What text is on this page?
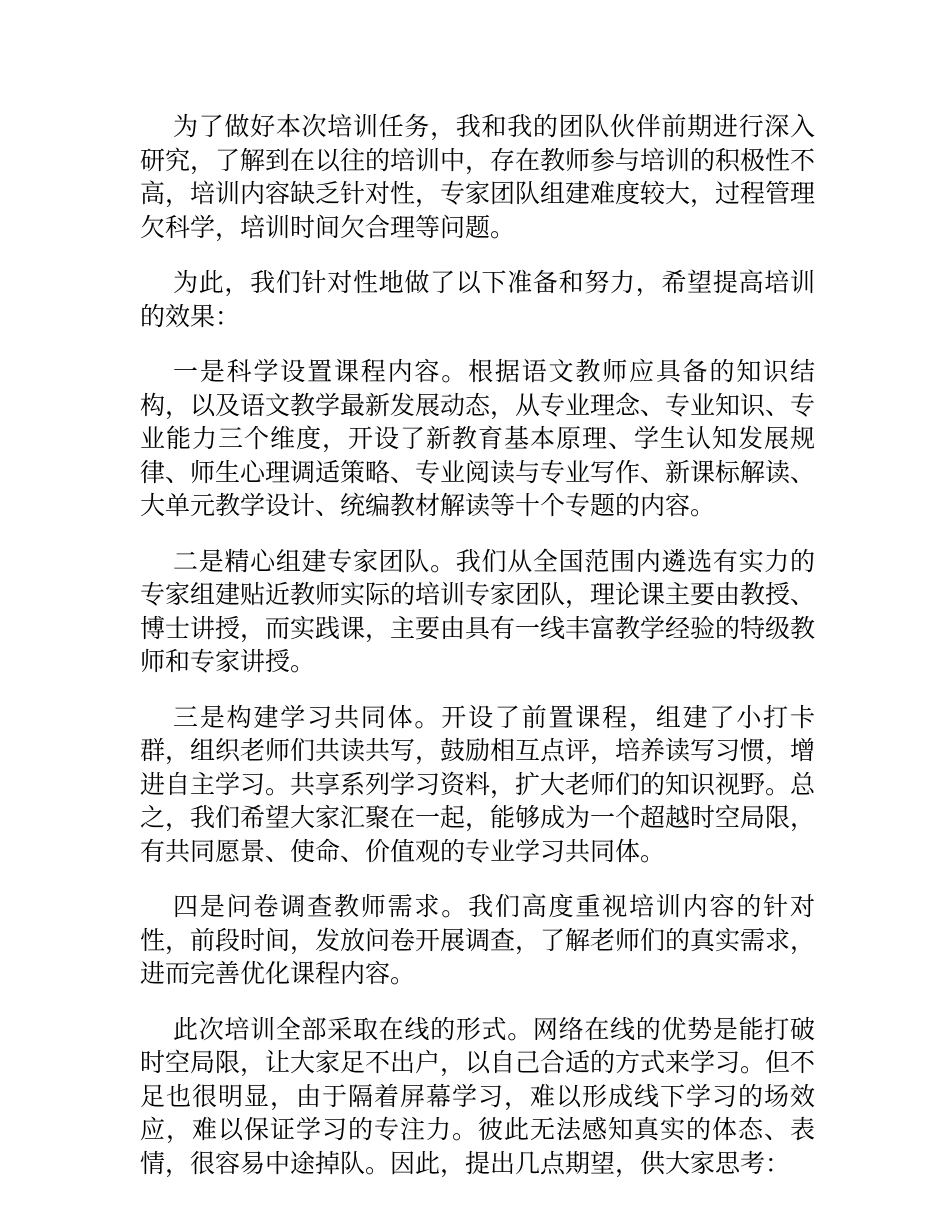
为了做好本次培训任务，我和我的团队伙伴前期进行深入研究，了解到在以往的培训中，存在教师参与培训的积极性不高，培训内容缺乏针对性，专家团队组建难度较大，过程管理欠科学，培训时间欠合理等问题。

为此，我们针对性地做了以下准备和努力，希望提高培训的效果：

一是科学设置课程内容。根据语文教师应具备的知识结构，以及语文教学最新发展动态，从专业理念、专业知识、专业能力三个维度，开设了新教育基本原理、学生认知发展规律、师生心理调适策略、专业阅读与专业写作、新课标解读、大单元教学设计、统编教材解读等十个专题的内容。

二是精心组建专家团队。我们从全国范围内遴选有实力的专家组建贴近教师实际的培训专家团队，理论课主要由教授、博士讲授，而实践课，主要由具有一线丰富教学经验的特级教师和专家讲授。

三是构建学习共同体。开设了前置课程，组建了小打卡群，组织老师们共读共写，鼓励相互点评，培养读写习惯，增进自主学习。共享系列学习资料，扩大老师们的知识视野。总之，我们希望大家汇聚在一起，能够成为一个超越时空局限，有共同愿景、使命、价值观的专业学习共同体。

四是问卷调查教师需求。我们高度重视培训内容的针对性，前段时间，发放问卷开展调查，了解老师们的真实需求，进而完善优化课程内容。

此次培训全部采取在线的形式。网络在线的优势是能打破时空局限，让大家足不出户，以自己合适的方式来学习。但不足也很明显，由于隔着屏幕学习，难以形成线下学习的场效应，难以保证学习的专注力。彼此无法感知真实的体态、表情，很容易中途掉队。因此，提出几点期望，供大家思考：
